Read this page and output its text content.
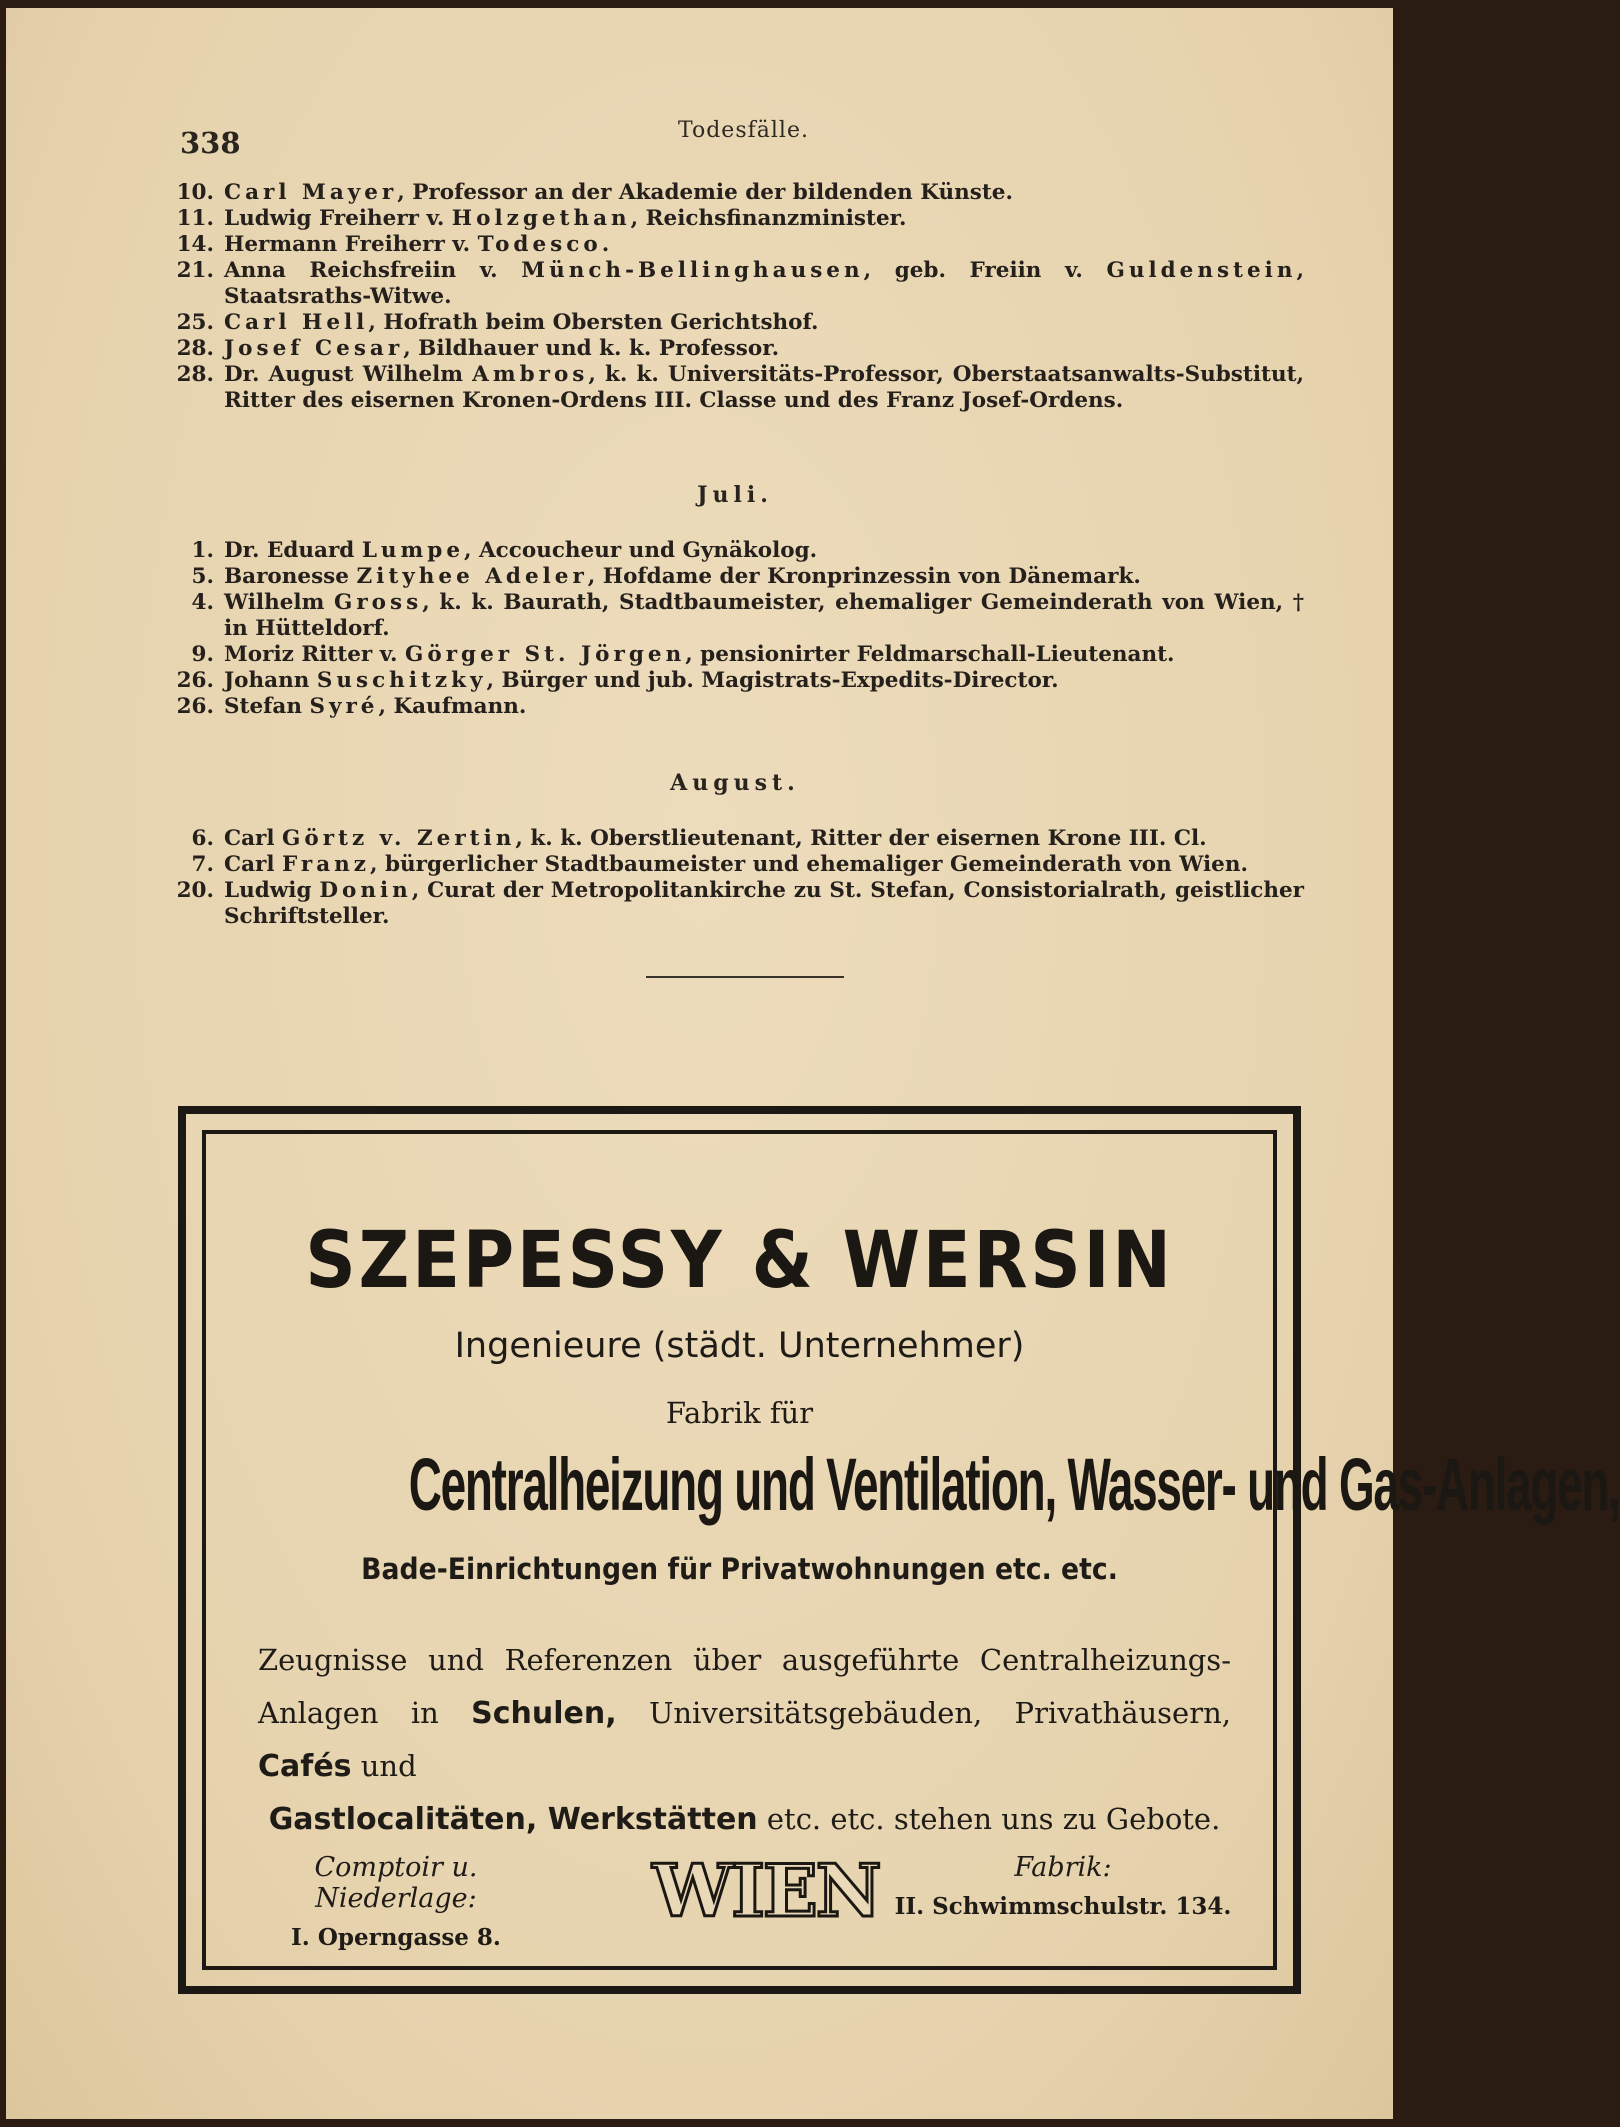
338	Todesfälle.
10. Carl Mayer, Professor an der Akademie der bildenden Künste.
11. Ludwig Freiherr v. Holzgethan, Reichsfinanzminister.
14. Hermann Freiherr v. Todesco.
21. Anna Reichsfreiin v. Münch-Bellinghausen, geb. Freiin v. Guldenstein, Staatsraths-Witwe.
25. Carl Hell, Hofrath beim Obersten Gerichtshof.
28. Josef Cesar, Bildhauer und k. k. Professor.
28. Dr. August Wilhelm Ambros, k. k. Universitäts-Professor, Oberstaatsanwalts-Substitut, Ritter des eisernen Kronen-Ordens III. Classe und des Franz Josef-Ordens.
Juli.
1. Dr. Eduard Lumpe, Accoucheur und Gynäkolog.
5. Baronesse Zityhee Adeler, Hofdame der Kronprinzessin von Dänemark.
4. Wilhelm Gross, k. k. Baurath, Stadtbaumeister, ehemaliger Gemeinderath von Wien, † in Hütteldorf.
9. Moriz Ritter v. Görger St. Jörgen, pensionirter Feldmarschall-Lieutenant.
26. Johann Suschitzky, Bürger und jub. Magistrats-Expedits-Director.
26. Stefan Syré, Kaufmann.
August.
6. Carl Görtz v. Zertin, k. k. Oberstlieutenant, Ritter der eisernen Krone III. Cl.
7. Carl Franz, bürgerlicher Stadtbaumeister und ehemaliger Gemeinderath von Wien.
20. Ludwig Donin, Curat der Metropolitankirche zu St. Stefan, Consistorialrath, geistlicher Schriftsteller.
SZEPESSY & WERSIN
Ingenieure (städt. Unternehmer)
Fabrik für
Centralheizung und Ventilation, Wasser- und Gas-Anlagen,
Bade-Einrichtungen für Privatwohnungen etc. etc.
Zeugnisse und Referenzen über ausgeführte Centralheizungs-
Anlagen in Schulen, Universitätsgebäuden, Privathäusern, Cafés und
Gastlocalitäten, Werkstätten etc. etc. stehen uns zu Gebote.
Comptoir u. Niederlage:
I. Operngasse 8.
WIEN	Fabrik:
II. Schwimmschulstr. 134.
